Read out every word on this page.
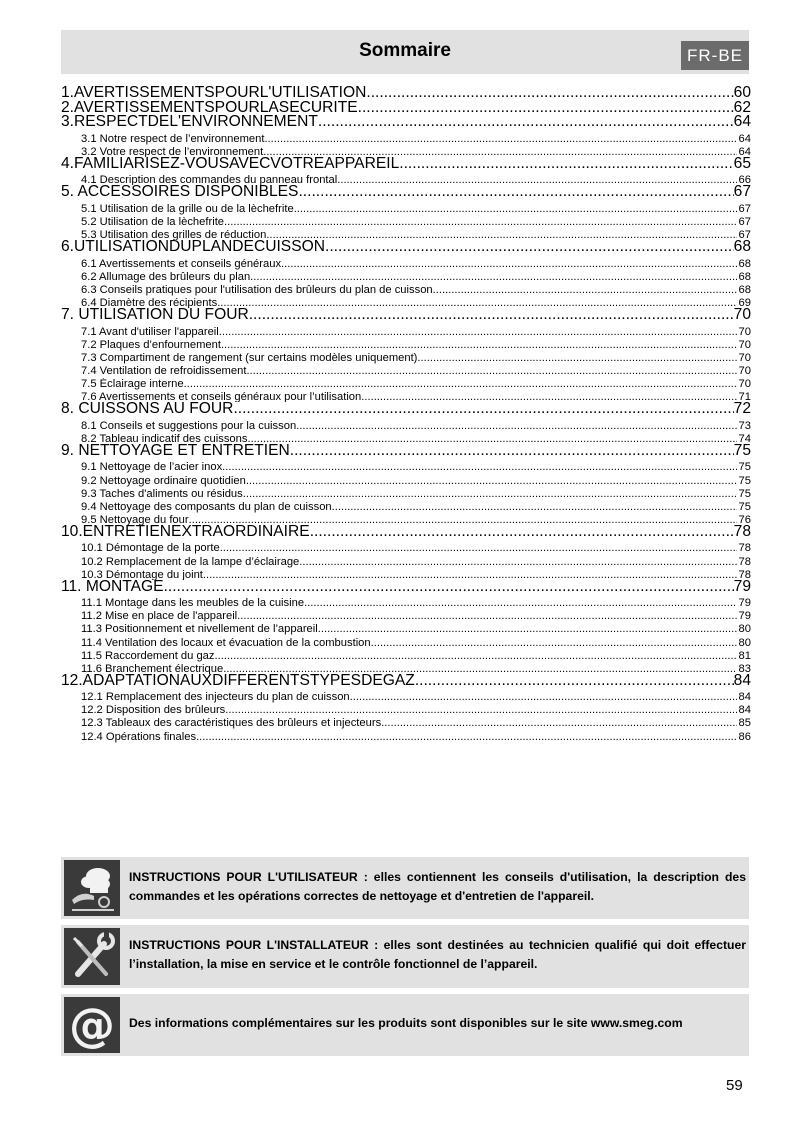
Sommaire	FR-BE
1.AVERTISSEMENTSPOURL'UTILISATION .....	60
2.AVERTISSEMENTSPOURLASECURITE .....	62
3.RESPECTDEL'ENVIRONNEMENT .....	64
3.1 Notre respect de l’environnement .....	64
3.2 Votre respect de l’environnement .....	64
4.FAMILIARISEZ-VOUSAVECVOTREAPPAREIL .....	65
4.1 Description des commandes du panneau frontal .....	66
5. ACCESSOIRES DISPONIBLES .....	67
5.1 Utilisation de la grille ou de la lèchefrite .....	67
5.2 Utilisation de la lèchefrite .....	67
5.3 Utilisation des grilles de réduction .....	67
6.UTILISATIONDUPLANDECUISSON .....	68
6.1 Avertissements et conseils généraux .....	68
6.2 Allumage des brûleurs du plan .....	68
6.3 Conseils pratiques pour l'utilisation des brûleurs du plan de cuisson .....	68
6.4 Diamètre des récipients .....	69
7. UTILISATION DU FOUR .....	70
7.1 Avant d'utiliser l'appareil .....	70
7.2 Plaques d’enfournement .....	70
7.3 Compartiment de rangement (sur certains modèles uniquement) .....	70
7.4 Ventilation de refroidissement .....	70
7.5 Éclairage interne .....	70
7.6 Avertissements et conseils généraux pour l’utilisation .....	71
8. CUISSONS AU FOUR .....	72
8.1 Conseils et suggestions pour la cuisson .....	73
8.2 Tableau indicatif des cuissons .....	74
9. NETTOYAGE ET ENTRETIEN .....	75
9.1 Nettoyage de l’acier inox .....	75
9.2 Nettoyage ordinaire quotidien .....	75
9.3 Taches d'aliments ou résidus .....	75
9.4 Nettoyage des composants du plan de cuisson .....	75
9.5 Nettoyage du four .....	76
10.ENTRETIENEXTRAORDINAIRE .....	78
10.1 Démontage de la porte .....	78
10.2 Remplacement de la lampe d’éclairage .....	78
10.3 Démontage du joint .....	78
11. MONTAGE .....	79
11.1 Montage dans les meubles de la cuisine .....	79
11.2 Mise en place de l'appareil .....	79
11.3 Positionnement et nivellement de l’appareil .....	80
11.4 Ventilation des locaux et évacuation de la combustion .....	80
11.5 Raccordement du gaz .....	81
11.6 Branchement électrique .....	83
12.ADAPTATIONAUXDIFFERENTSTYPESDEGAZ .....	84
12.1 Remplacement des injecteurs du plan de cuisson .....	84
12.2 Disposition des brûleurs .....	84
12.3 Tableaux des caractéristiques des brûleurs et injecteurs .....	85
12.4 Opérations finales .....	86
INSTRUCTIONS POUR L'UTILISATEUR : elles contiennent les conseils d'utilisation, la description des commandes et les opérations correctes de nettoyage et d'entretien de l'appareil.
INSTRUCTIONS POUR L'INSTALLATEUR : elles sont destinées au technicien qualifié qui doit effectuer l’installation, la mise en service et le contrôle fonctionnel de l’appareil.
@ Des informations complémentaires sur les produits sont disponibles sur le site www.smeg.com
59
